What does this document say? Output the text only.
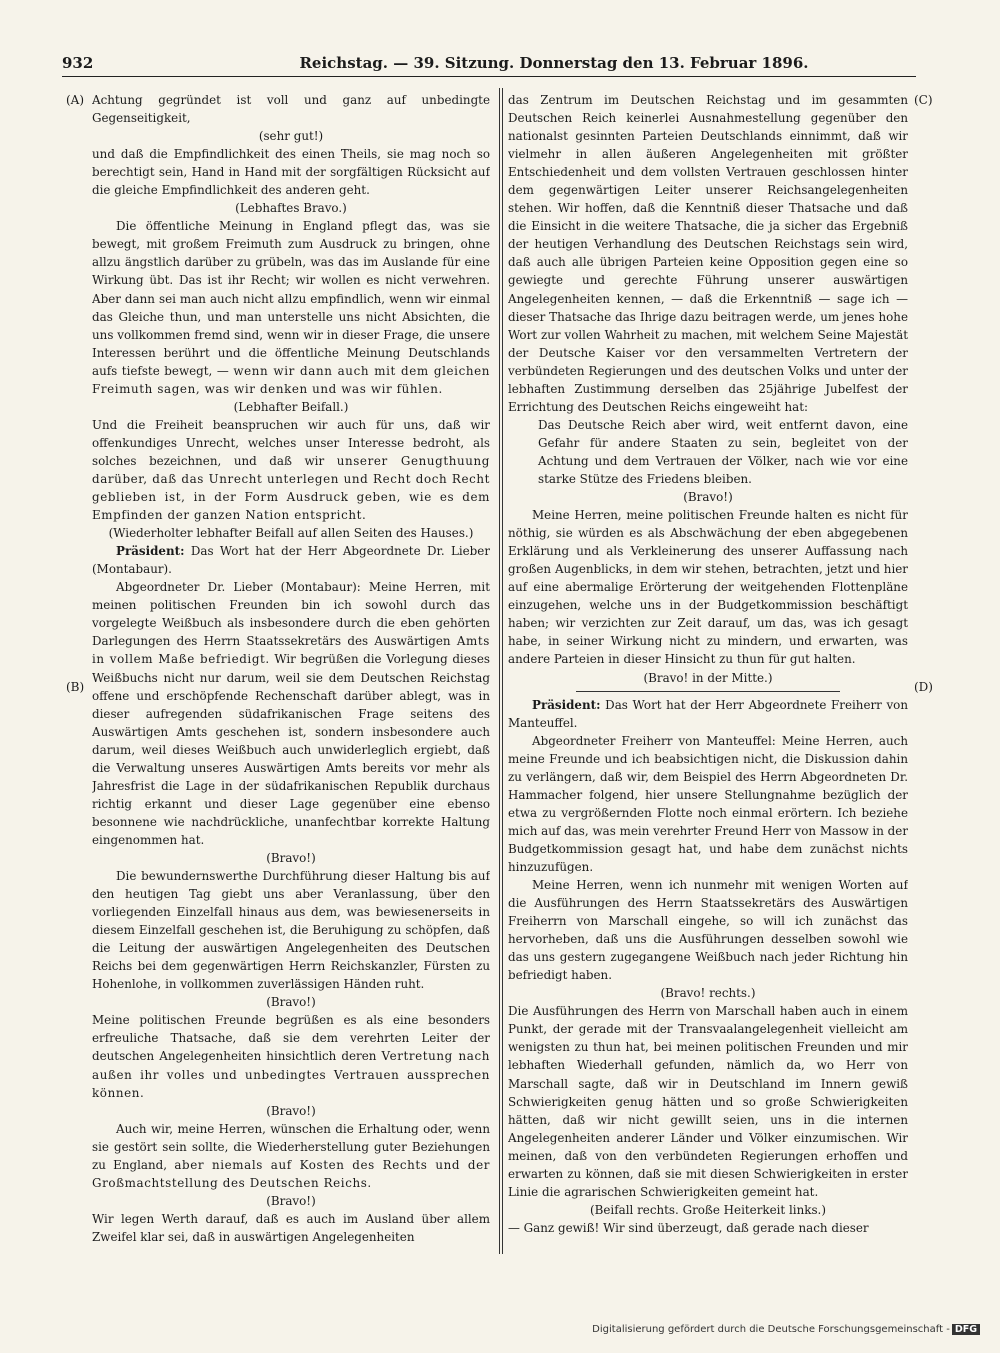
932	Reichstag. — 39. Sitzung. Donnerstag den 13. Februar 1896.
(A)
(B)
(C)
(D)

Achtung gegründet ist voll und ganz auf unbedingte Gegenseitigkeit,

(sehr gut!)

und daß die Empfindlichkeit des einen Theils, sie mag noch so berechtigt sein, Hand in Hand mit der sorgfältigen Rücksicht auf die gleiche Empfindlichkeit des anderen geht.

(Lebhaftes Bravo.)

Die öffentliche Meinung in England pflegt das, was sie bewegt, mit großem Freimuth zum Ausdruck zu bringen, ohne allzu ängstlich darüber zu grübeln, was das im Auslande für eine Wirkung übt. Das ist ihr Recht; wir wollen es nicht verwehren. Aber dann sei man auch nicht allzu empfindlich, wenn wir einmal das Gleiche thun, und man unterstelle uns nicht Absichten, die uns vollkommen fremd sind, wenn wir in dieser Frage, die unsere Interessen berührt und die öffentliche Meinung Deutschlands aufs tiefste bewegt, — wenn wir dann auch mit dem gleichen Freimuth sagen, was wir denken und was wir fühlen.

(Lebhafter Beifall.)

Und die Freiheit beanspruchen wir auch für uns, daß wir offenkundiges Unrecht, welches unser Interesse bedroht, als solches bezeichnen, und daß wir unserer Genugthuung darüber, daß das Unrecht unterlegen und Recht doch Recht geblieben ist, in der Form Ausdruck geben, wie es dem Empfinden der ganzen Nation entspricht.

(Wiederholter lebhafter Beifall auf allen Seiten des Hauses.)

Präsident: Das Wort hat der Herr Abgeordnete Dr. Lieber (Montabaur).

Abgeordneter Dr. Lieber (Montabaur): Meine Herren, mit meinen politischen Freunden bin ich sowohl durch das vorgelegte Weißbuch als insbesondere durch die eben gehörten Darlegungen des Herrn Staatssekretärs des Auswärtigen Amts in vollem Maße befriedigt. Wir begrüßen die Vorlegung dieses Weißbuchs nicht nur darum, weil sie dem Deutschen Reichstag offene und erschöpfende Rechenschaft darüber ablegt, was in dieser aufregenden südafrikanischen Frage seitens des Auswärtigen Amts geschehen ist, sondern insbesondere auch darum, weil dieses Weißbuch auch unwiderleglich ergiebt, daß die Verwaltung unseres Auswärtigen Amts bereits vor mehr als Jahresfrist die Lage in der südafrikanischen Republik durchaus richtig erkannt und dieser Lage gegenüber eine ebenso besonnene wie nachdrückliche, unanfechtbar korrekte Haltung eingenommen hat.

(Bravo!)

Die bewundernswerthe Durchführung dieser Haltung bis auf den heutigen Tag giebt uns aber Veranlassung, über den vorliegenden Einzelfall hinaus aus dem, was bewiesenerseits in diesem Einzelfall geschehen ist, die Beruhigung zu schöpfen, daß die Leitung der auswärtigen Angelegenheiten des Deutschen Reichs bei dem gegenwärtigen Herrn Reichskanzler, Fürsten zu Hohenlohe, in vollkommen zuverlässigen Händen ruht.

(Bravo!)

Meine politischen Freunde begrüßen es als eine besonders erfreuliche Thatsache, daß sie dem verehrten Leiter der deutschen Angelegenheiten hinsichtlich deren Vertretung nach außen ihr volles und unbedingtes Vertrauen aussprechen können.

(Bravo!)

Auch wir, meine Herren, wünschen die Erhaltung oder, wenn sie gestört sein sollte, die Wiederherstellung guter Beziehungen zu England, aber niemals auf Kosten des Rechts und der Großmachtstellung des Deutschen Reichs.

(Bravo!)

Wir legen Werth darauf, daß es auch im Ausland über allem Zweifel klar sei, daß in auswärtigen Angelegenheiten

das Zentrum im Deutschen Reichstag und im gesammten Deutschen Reich keinerlei Ausnahmestellung gegenüber den nationalst gesinnten Parteien Deutschlands einnimmt, daß wir vielmehr in allen äußeren Angelegenheiten mit größter Entschiedenheit und dem vollsten Vertrauen geschlossen hinter dem gegenwärtigen Leiter unserer Reichsangelegenheiten stehen. Wir hoffen, daß die Kenntniß dieser Thatsache und daß die Einsicht in die weitere Thatsache, die ja sicher das Ergebniß der heutigen Verhandlung des Deutschen Reichstags sein wird, daß auch alle übrigen Parteien keine Opposition gegen eine so gewiegte und gerechte Führung unserer auswärtigen Angelegenheiten kennen, — daß die Erkenntniß — sage ich — dieser Thatsache das Ihrige dazu beitragen werde, um jenes hohe Wort zur vollen Wahrheit zu machen, mit welchem Seine Majestät der Deutsche Kaiser vor den versammelten Vertretern der verbündeten Regierungen und des deutschen Volks und unter der lebhaften Zustimmung derselben das 25jährige Jubelfest der Errichtung des Deutschen Reichs eingeweiht hat:

Das Deutsche Reich aber wird, weit entfernt davon, eine Gefahr für andere Staaten zu sein, begleitet von der Achtung und dem Vertrauen der Völker, nach wie vor eine starke Stütze des Friedens bleiben.

(Bravo!)

Meine Herren, meine politischen Freunde halten es nicht für nöthig, sie würden es als Abschwächung der eben abgegebenen Erklärung und als Verkleinerung des unserer Auffassung nach großen Augenblicks, in dem wir stehen, betrachten, jetzt und hier auf eine abermalige Erörterung der weitgehenden Flottenpläne einzugehen, welche uns in der Budgetkommission beschäftigt haben; wir verzichten zur Zeit darauf, um das, was ich gesagt habe, in seiner Wirkung nicht zu mindern, und erwarten, was andere Parteien in dieser Hinsicht zu thun für gut halten.

(Bravo! in der Mitte.)

Präsident: Das Wort hat der Herr Abgeordnete Freiherr von Manteuffel.

Abgeordneter Freiherr von Manteuffel: Meine Herren, auch meine Freunde und ich beabsichtigen nicht, die Diskussion dahin zu verlängern, daß wir, dem Beispiel des Herrn Abgeordneten Dr. Hammacher folgend, hier unsere Stellungnahme bezüglich der etwa zu vergrößernden Flotte noch einmal erörtern. Ich beziehe mich auf das, was mein verehrter Freund Herr von Massow in der Budgetkommission gesagt hat, und habe dem zunächst nichts hinzuzufügen.

Meine Herren, wenn ich nunmehr mit wenigen Worten auf die Ausführungen des Herrn Staatssekretärs des Auswärtigen Freiherrn von Marschall eingehe, so will ich zunächst das hervorheben, daß uns die Ausführungen desselben sowohl wie das uns gestern zugegangene Weißbuch nach jeder Richtung hin befriedigt haben.

(Bravo! rechts.)

Die Ausführungen des Herrn von Marschall haben auch in einem Punkt, der gerade mit der Transvaalangelegenheit vielleicht am wenigsten zu thun hat, bei meinen politischen Freunden und mir lebhaften Wiederhall gefunden, nämlich da, wo Herr von Marschall sagte, daß wir in Deutschland im Innern gewiß Schwierigkeiten genug hätten und so große Schwierigkeiten hätten, daß wir nicht gewillt seien, uns in die internen Angelegenheiten anderer Länder und Völker einzumischen. Wir meinen, daß von den verbündeten Regierungen erhoffen und erwarten zu können, daß sie mit diesen Schwierigkeiten in erster Linie die agrarischen Schwierigkeiten gemeint hat.

(Beifall rechts. Große Heiterkeit links.)

— Ganz gewiß! Wir sind überzeugt, daß gerade nach dieser

Digitalisierung gefördert durch die Deutsche Forschungsgemeinschaft - DFG
